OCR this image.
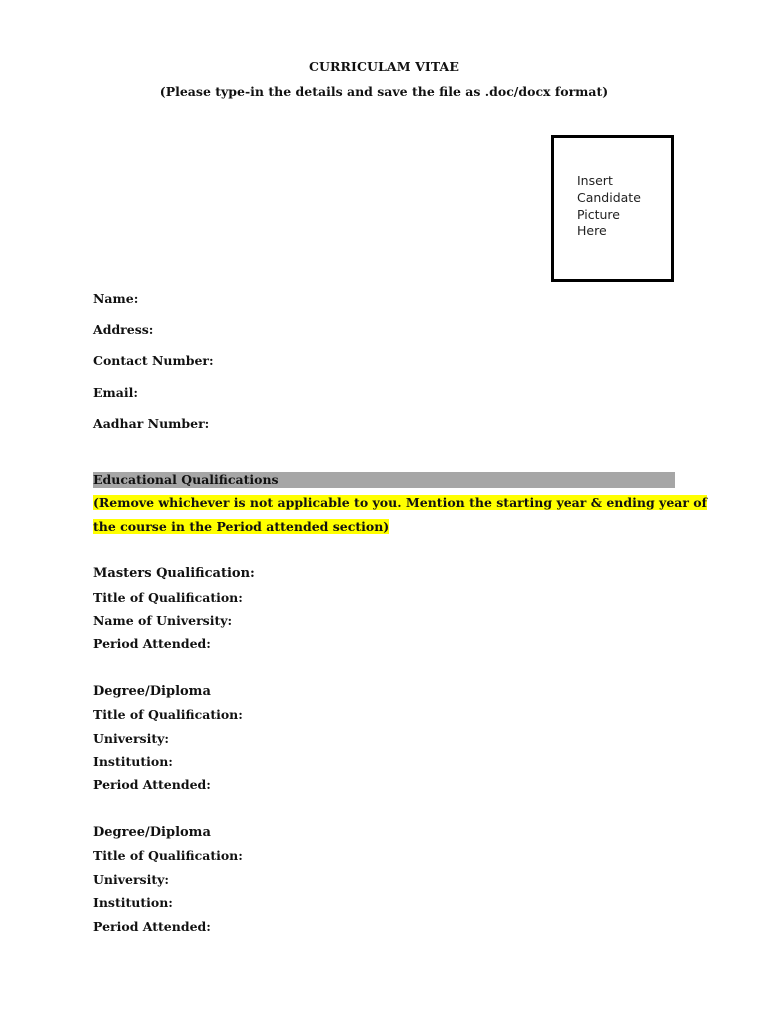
CURRICULAM VITAE
(Please type-in the details and save the file as .doc/docx format)
Insert
Candidate
Picture
Here
Name:
Address:
Contact Number:
Email:
Aadhar Number:
Educational Qualifications
(Remove whichever is not applicable to you. Mention the starting year & ending year of
the course in the Period attended section)
Masters Qualification:
Title of Qualification:
Name of University:
Period Attended:
Degree/Diploma
Title of Qualification:
University:
Institution:
Period Attended:
Degree/Diploma
Title of Qualification:
University:
Institution:
Period Attended:
